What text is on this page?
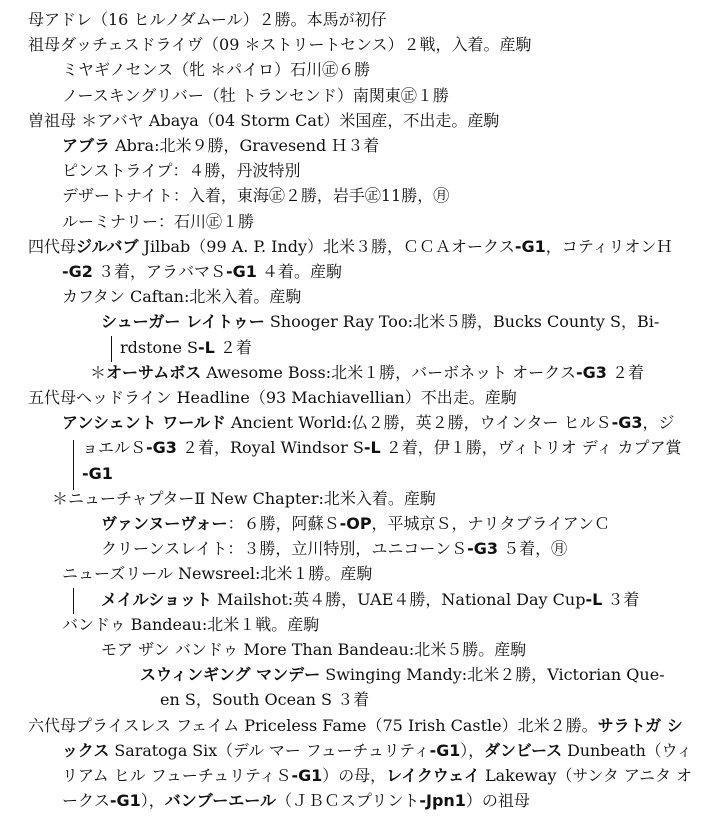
母アドレ（16 ヒルノダムール）２勝。本馬が初仔
祖母ダッチェスドライヴ（09 ＊ストリートセンス）２戦，入着。産駒
ミヤギノセンス（牝 ＊パイロ）石川㊣６勝
ノースキングリバー（牡 トランセンド）南関東㊣１勝
曽祖母 ＊アバヤ Abaya（04 Storm Cat）米国産，不出走。産駒
アブラ Abra:北米９勝，Gravesend Ｈ３着
ピンストライプ：４勝，丹波特別
デザートナイト：入着，東海㊣２勝，岩手㊣11勝，㊊
ルーミナリー：石川㊣１勝
四代母ジルバブ Jilbab（99 A. P. Indy）北米３勝，ＣＣＡオークス-G1，コティリオンＨ
-G2 ３着，アラバマＳ-G1 ４着。産駒
カフタン Caftan:北米入着。産駒
シューガー レイトゥー Shooger Ray Too:北米５勝，Bucks County S，Bi-
rdstone S-L ２着
＊オーサムボス Awesome Boss:北米１勝，バーボネット オークス-G3 ２着
五代母ヘッドライン Headline（93 Machiavellian）不出走。産駒
アンシェント ワールド Ancient World:仏２勝，英２勝，ウインター ヒルＳ-G3，ジ
ョエルＳ-G3 ２着，Royal Windsor S-L ２着，伊１勝，ヴィトリオ ディ カプア賞
-G1
＊ニューチャプターⅡ New Chapter:北米入着。産駒
ヴァンヌーヴォー：６勝，阿蘇Ｓ-OP，平城京Ｓ，ナリタブライアンＣ
クリーンスレイト：３勝，立川特別，ユニコーンＳ-G3 ５着，㊊
ニューズリール Newsreel:北米１勝。産駒
メイルショット Mailshot:英４勝，UAE４勝，National Day Cup-L ３着
バンドゥ Bandeau:北米１戦。産駒
モア ザン バンドゥ More Than Bandeau:北米５勝。産駒
スウィンギング マンデー Swinging Mandy:北米２勝，Victorian Que-
en S，South Ocean S ３着
六代母プライスレス フェイム Priceless Fame（75 Irish Castle）北米２勝。サラトガ シ
ックス Saratoga Six（デル マー フューチュリティ-G1），ダンビース Dunbeath（ウィ
リアム ヒル フューチュリティＳ-G1）の母，レイクウェイ Lakeway（サンタ アニタ オ
ークス-G1），バンブーエール（ＪＢＣスプリント-Jpn1）の祖母
